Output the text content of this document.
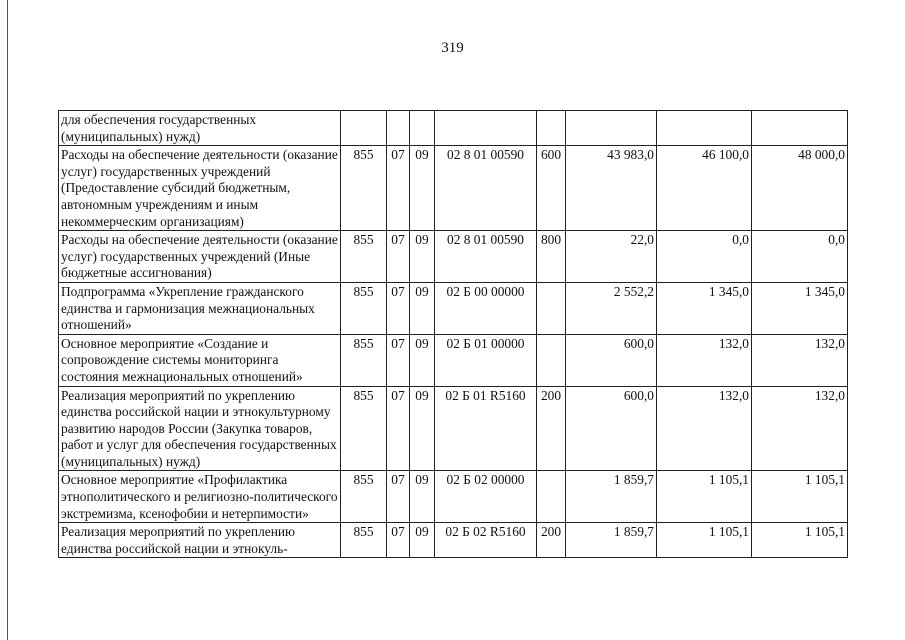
319
для обеспечения государственных (муниципальных) нужд)								
Расходы на обеспечение деятельности (оказание услуг) государственных учреждений (Предоставление субсидий бюджетным, автономным учреждениям и иным некоммерческим организациям)	855	07	09	02 8 01 00590	600	43 983,0	46 100,0	48 000,0
Расходы на обеспечение деятельности (оказание услуг) государственных учреждений (Иные бюджетные ассигнования)	855	07	09	02 8 01 00590	800	22,0	0,0	0,0
Подпрограмма «Укрепление гражданского единства и гармонизация межнациональных отношений»	855	07	09	02 Б 00 00000		2 552,2	1 345,0	1 345,0
Основное мероприятие «Создание и сопровождение системы мониторинга состояния межнациональных отношений»	855	07	09	02 Б 01 00000		600,0	132,0	132,0
Реализация мероприятий по укреплению единства российской нации и этнокультурному развитию народов России (Закупка товаров, работ и услуг для обеспечения государственных (муниципальных) нужд)	855	07	09	02 Б 01 R5160	200	600,0	132,0	132,0
Основное мероприятие «Профилактика этнополитического и религиозно-политического экстремизма, ксенофобии и нетерпимости»	855	07	09	02 Б 02 00000		1 859,7	1 105,1	1 105,1
Реализация мероприятий по укреплению единства российской нации и этнокуль-	855	07	09	02 Б 02 R5160	200	1 859,7	1 105,1	1 105,1
